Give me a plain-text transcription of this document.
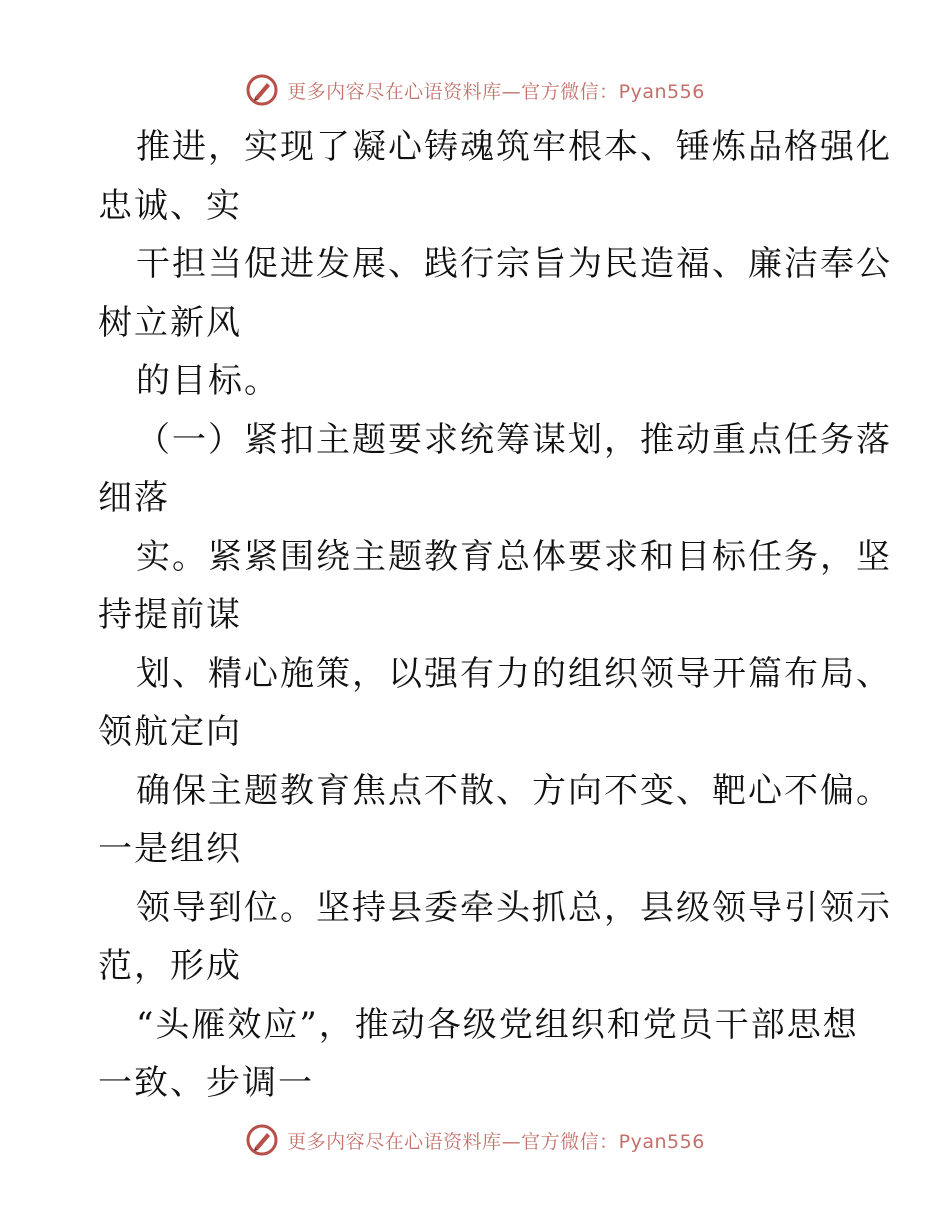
更多内容尽在心语资料库—官方微信：Pyan556
推进，实现了凝心铸魂筑牢根本、锤炼品格强化
忠诚、实
干担当促进发展、践行宗旨为民造福、廉洁奉公
树立新风
的目标。
（一）紧扣主题要求统筹谋划，推动重点任务落
细落
实。紧紧围绕主题教育总体要求和目标任务，坚
持提前谋
划、精心施策，以强有力的组织领导开篇布局、
领航定向
确保主题教育焦点不散、方向不变、靶心不偏。
一是组织
领导到位。坚持县委牵头抓总，县级领导引领示
范，形成
“头雁效应”，推动各级党组织和党员干部思想
一致、步调一
更多内容尽在心语资料库—官方微信：Pyan556
